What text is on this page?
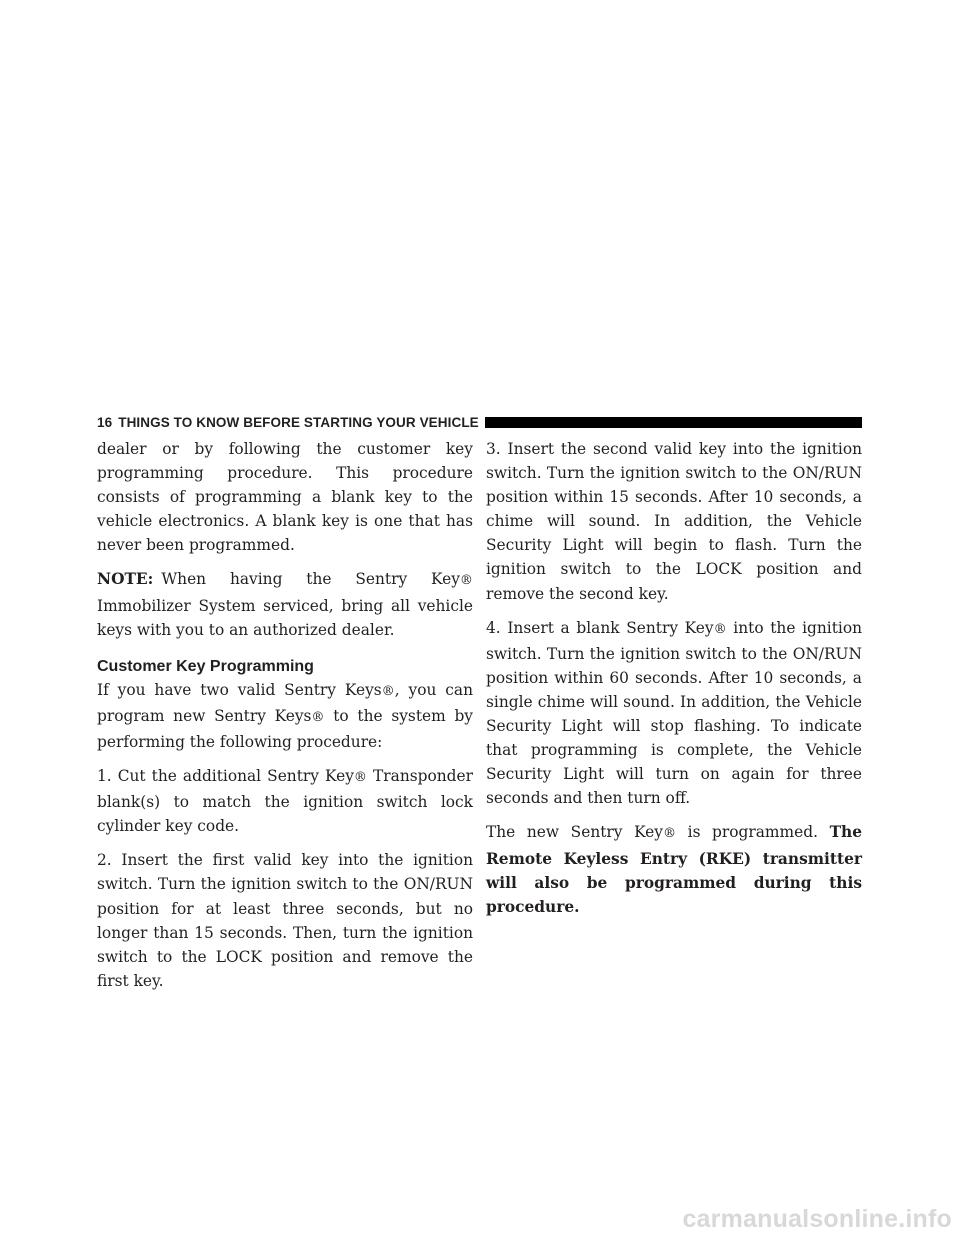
16 THINGS TO KNOW BEFORE STARTING YOUR VEHICLE

dealer or by following the customer key programming procedure. This procedure consists of programming a blank key to the vehicle electronics. A blank key is one that has never been programmed.

NOTE: When having the Sentry Key® Immobilizer System serviced, bring all vehicle keys with you to an authorized dealer.

Customer Key Programming

If you have two valid Sentry Keys®, you can program new Sentry Keys® to the system by performing the following procedure:

1. Cut the additional Sentry Key® Transponder blank(s) to match the ignition switch lock cylinder key code.

2. Insert the first valid key into the ignition switch. Turn the ignition switch to the ON/RUN position for at least three seconds, but no longer than 15 seconds. Then, turn the ignition switch to the LOCK position and remove the first key.

3. Insert the second valid key into the ignition switch. Turn the ignition switch to the ON/RUN position within 15 seconds. After 10 seconds, a chime will sound. In addition, the Vehicle Security Light will begin to flash. Turn the ignition switch to the LOCK position and remove the second key.

4. Insert a blank Sentry Key® into the ignition switch. Turn the ignition switch to the ON/RUN position within 60 seconds. After 10 seconds, a single chime will sound. In addition, the Vehicle Security Light will stop flashing. To indicate that programming is complete, the Vehicle Security Light will turn on again for three seconds and then turn off.

The new Sentry Key® is programmed. The Remote Keyless Entry (RKE) transmitter will also be programmed during this procedure.

carmanualsonline.info
